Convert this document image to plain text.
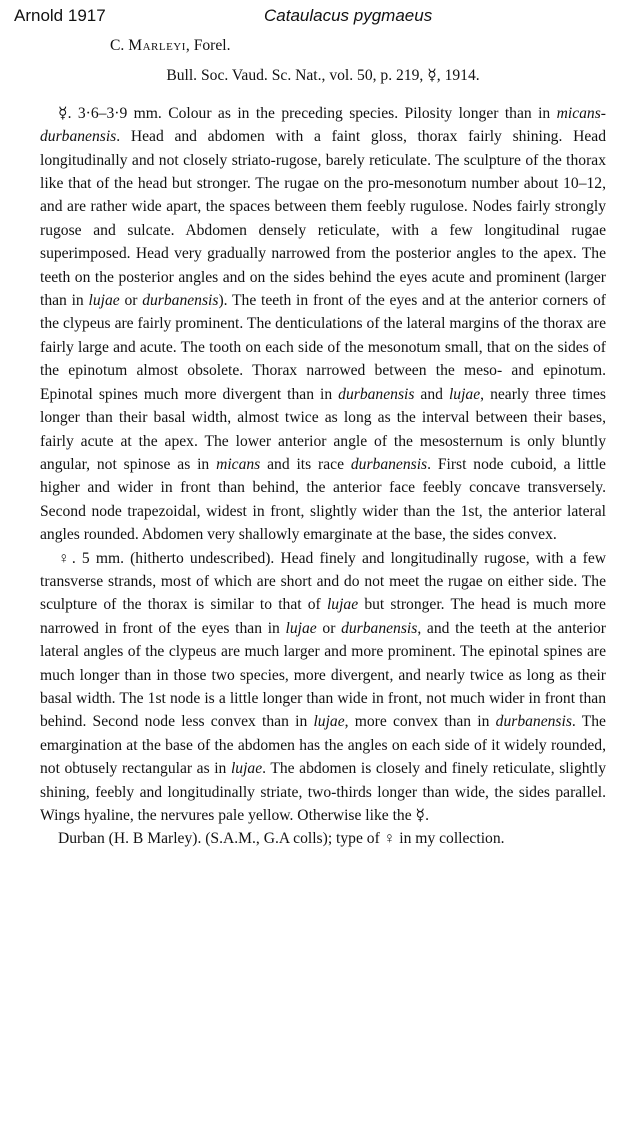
Arnold 1917	Cataulacus pygmaeus

C. Marleyi, Forel.

Bull. Soc. Vaud. Sc. Nat., vol. 50, p. 219, ☿, 1914.

☿. 3·6–3·9 mm. Colour as in the preceding species. Pilosity longer than in micans-durbanensis. Head and abdomen with a faint gloss, thorax fairly shining. Head longitudinally and not closely striato-rugose, barely reticulate. The sculpture of the thorax like that of the head but stronger. The rugae on the pro-mesonotum number about 10–12, and are rather wide apart, the spaces between them feebly rugulose. Nodes fairly strongly rugose and sulcate. Abdomen densely reticulate, with a few longitudinal rugae superimposed. Head very gradually narrowed from the posterior angles to the apex. The teeth on the posterior angles and on the sides behind the eyes acute and prominent (larger than in lujae or durbanensis). The teeth in front of the eyes and at the anterior corners of the clypeus are fairly prominent. The denticulations of the lateral margins of the thorax are fairly large and acute. The tooth on each side of the mesonotum small, that on the sides of the epinotum almost obsolete. Thorax narrowed between the meso- and epinotum. Epinotal spines much more divergent than in durbanensis and lujae, nearly three times longer than their basal width, almost twice as long as the interval between their bases, fairly acute at the apex. The lower anterior angle of the mesosternum is only bluntly angular, not spinose as in micans and its race durbanensis. First node cuboid, a little higher and wider in front than behind, the anterior face feebly concave transversely. Second node trapezoidal, widest in front, slightly wider than the 1st, the anterior lateral angles rounded. Abdomen very shallowly emarginate at the base, the sides convex.

♀. 5 mm. (hitherto undescribed). Head finely and longitudinally rugose, with a few transverse strands, most of which are short and do not meet the rugae on either side. The sculpture of the thorax is similar to that of lujae but stronger. The head is much more narrowed in front of the eyes than in lujae or durbanensis, and the teeth at the anterior lateral angles of the clypeus are much larger and more prominent. The epinotal spines are much longer than in those two species, more divergent, and nearly twice as long as their basal width. The 1st node is a little longer than wide in front, not much wider in front than behind. Second node less convex than in lujae, more convex than in durbanensis. The emargination at the base of the abdomen has the angles on each side of it widely rounded, not obtusely rectangular as in lujae. The abdomen is closely and finely reticulate, slightly shining, feebly and longitudinally striate, two-thirds longer than wide, the sides parallel. Wings hyaline, the nervures pale yellow. Otherwise like the ☿.

Durban (H. B Marley). (S.A.M., G.A colls); type of ♀ in my collection.
